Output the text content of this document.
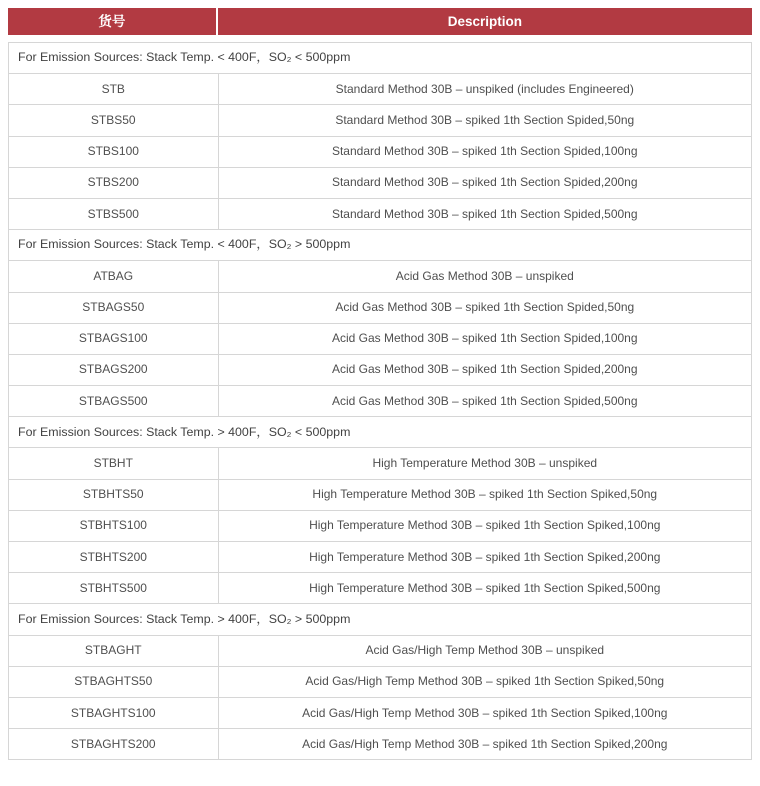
货号	Description
For Emission Sources: Stack Temp. < 400F，SO₂ < 500ppm	
STB	Standard Method 30B – unspiked (includes Engineered)
STBS50	Standard Method 30B – spiked 1th Section Spided,50ng
STBS100	Standard Method 30B – spiked 1th Section Spided,100ng
STBS200	Standard Method 30B – spiked 1th Section Spided,200ng
STBS500	Standard Method 30B – spiked 1th Section Spided,500ng
For Emission Sources: Stack Temp. < 400F，SO₂ > 500ppm	
ATBAG	Acid Gas Method 30B – unspiked
STBAGS50	Acid Gas Method 30B – spiked 1th Section Spided,50ng
STBAGS100	Acid Gas Method 30B – spiked 1th Section Spided,100ng
STBAGS200	Acid Gas Method 30B – spiked 1th Section Spided,200ng
STBAGS500	Acid Gas Method 30B – spiked 1th Section Spided,500ng
For Emission Sources: Stack Temp. > 400F，SO₂ < 500ppm	
STBHT	High Temperature Method 30B – unspiked
STBHTS50	High Temperature Method 30B – spiked 1th Section Spiked,50ng
STBHTS100	High Temperature Method 30B – spiked 1th Section Spiked,100ng
STBHTS200	High Temperature Method 30B – spiked 1th Section Spiked,200ng
STBHTS500	High Temperature Method 30B – spiked 1th Section Spiked,500ng
For Emission Sources: Stack Temp. > 400F，SO₂ > 500ppm	
STBAGHT	Acid Gas/High Temp Method 30B – unspiked
STBAGHTS50	Acid Gas/High Temp Method 30B – spiked 1th Section Spiked,50ng
STBAGHTS100	Acid Gas/High Temp Method 30B – spiked 1th Section Spiked,100ng
STBAGHTS200	Acid Gas/High Temp Method 30B – spiked 1th Section Spiked,200ng
